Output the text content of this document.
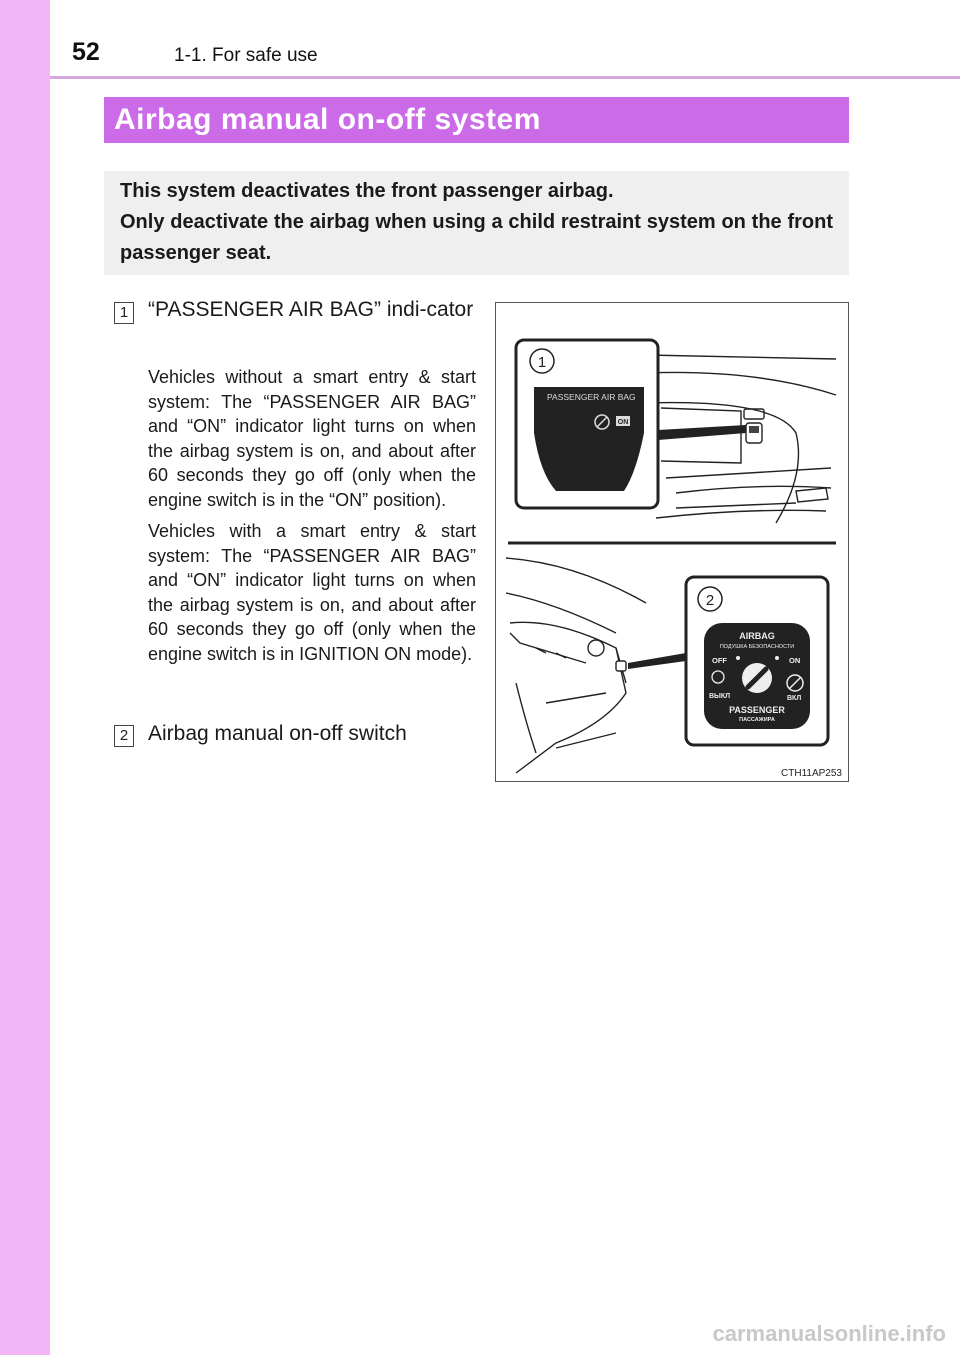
52	1-1. For safe use
Airbag manual on-off system

This system deactivates the front passenger airbag.

Only deactivate the airbag when using a child restraint system on the front passenger seat.

1 “PASSENGER AIR BAG” indi-cator

Vehicles without a smart entry & start system: The “PASSENGER AIR BAG” and “ON” indicator light turns on when the airbag system is on, and about after 60 seconds they go off (only when the engine switch is in the “ON” position).

Vehicles with a smart entry & start system: The “PASSENGER AIR BAG” and “ON” indicator light turns on when the airbag system is on, and about after 60 seconds they go off (only when the engine switch is in IGNITION ON mode).

2 Airbag manual on-off switch
1
PASSENGER AIR BAG
ON
2
AIRBAG
ПОДУШКА БЕЗОПАСНОСТИ
OFF	ON
ВЫКЛ	ВКЛ
PASSENGER
ПАССАЖИРА
CTH11AP253
carmanualsonline.info
